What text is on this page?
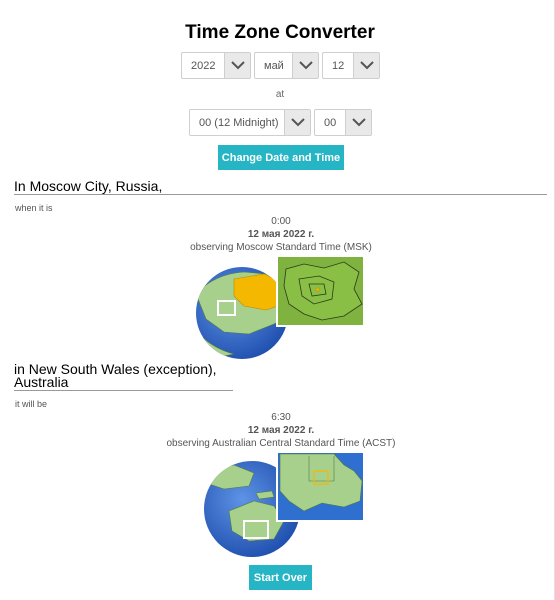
Time Zone Converter
2022	май	12
at
00 (12 Midnight)	00
Change Date and Time
In Moscow City, Russia,
when it is
0:00
12 мая 2022 г.
observing Moscow Standard Time (MSK)
in New South Wales (exception),
Australia
it will be
6:30
12 мая 2022 г.
observing Australian Central Standard Time (ACST)
Start Over
